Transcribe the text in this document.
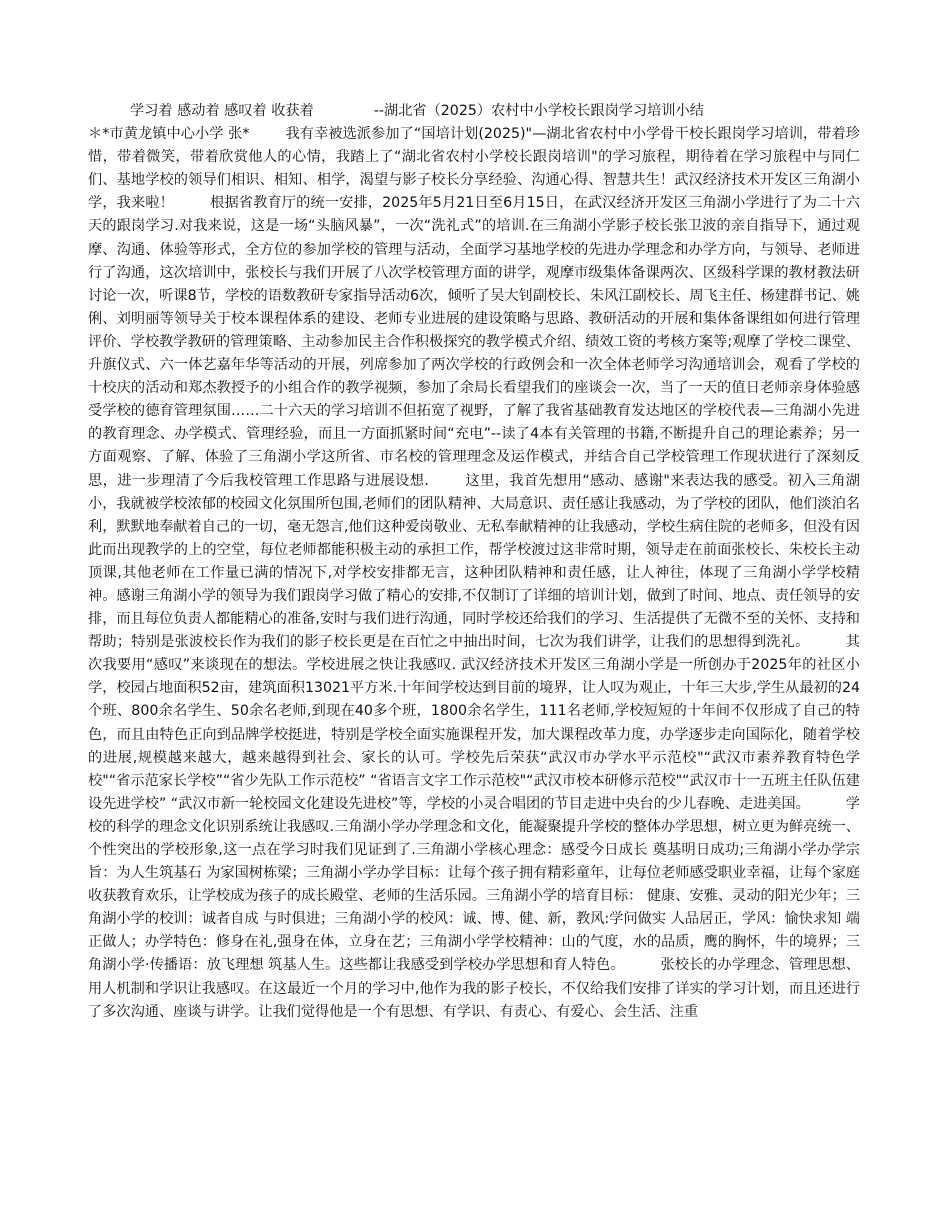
学习着 感动着 感叹着 收获着	--湖北省（2025）农村中小学校长跟岗学习培训小结
＊*市黄龙镇中心小学 张*	我有幸被选派参加了“国培计划(2025)"—湖北省农村中小学骨干校长跟岗学习培训，带着珍惜，带着微笑，带着欣赏他人的心情，我踏上了“湖北省农村小学校长跟岗培训"的学习旅程，期待着在学习旅程中与同仁们、基地学校的领导们相识、相知、相学，渴望与影子校长分享经验、沟通心得、智慧共生！武汉经济技术开发区三角湖小学，我来啦！	根据省教育厅的统一安排，2025年5月21日至6月15日，在武汉经济开发区三角湖小学进行了为二十六天的跟岗学习.对我来说，这是一场“头脑风暴”，一次“洗礼式”的培训.在三角湖小学影子校长张卫波的亲自指导下，通过观摩、沟通、体验等形式，全方位的参加学校的管理与活动，全面学习基地学校的先进办学理念和办学方向，与领导、老师进行了沟通，这次培训中，张校长与我们开展了八次学校管理方面的讲学，观摩市级集体备课两次、区级科学课的教材教法研讨论一次，听课8节，学校的语数教研专家指导活动6次，倾听了吴大钊副校长、朱风江副校长、周飞主任、杨建群书记、姚俐、刘明丽等领导关于校本课程体系的建设、老师专业进展的建设策略与思路、教研活动的开展和集体备课组如何进行管理评价、学校教学教研的管理策略、主动参加民主合作积极探究的教学模式介绍、绩效工资的考核方案等;观摩了学校二课堂、升旗仪式、六一体艺嘉年华等活动的开展，列席参加了两次学校的行政例会和一次全体老师学习沟通培训会，观看了学校的十校庆的活动和郑杰教授予的小组合作的教学视频，参加了余局长看望我们的座谈会一次，当了一天的值日老师亲身体验感受学校的德育管理氛围……二十六天的学习培训不但拓宽了视野，了解了我省基础教育发达地区的学校代表—三角湖小先进的教育理念、办学模式、管理经验，而且一方面抓紧时间“充电”--读了4本有关管理的书籍,不断提升自己的理论素养；另一方面观察、了解、体验了三角湖小学这所省、市名校的管理理念及运作模式，并结合自己学校管理工作现状进行了深刻反思，进一步理清了今后我校管理工作思路与进展设想.	这里，我首先想用“感动、感谢"来表达我的感受。初入三角湖小，我就被学校浓郁的校园文化氛围所包围,老师们的团队精神、大局意识、责任感让我感动，为了学校的团队，他们淡泊名利，默默地奉献着自己的一切，毫无怨言,他们这种爱岗敬业、无私奉献精神的让我感动，学校生病住院的老师多，但没有因此而出现教学的上的空堂，每位老师都能积极主动的承担工作，帮学校渡过这非常时期，领导走在前面张校长、朱校长主动顶课,其他老师在工作量已满的情况下,对学校安排都无言，这种团队精神和责任感，让人神往，体现了三角湖小学学校精神。感谢三角湖小学的领导为我们跟岗学习做了精心的安排,不仅制订了详细的培训计划，做到了时间、地点、责任领导的安排，而且每位负责人都能精心的准备,安时与我们进行沟通，同时学校还给我们的学习、生活提供了无微不至的关怀、支持和帮助；特别是张波校长作为我们的影子校长更是在百忙之中抽出时间，七次为我们讲学，让我们的思想得到洗礼。	其次我要用“感叹”来谈现在的想法。学校进展之快让我感叹. 武汉经济技术开发区三角湖小学是一所创办于2025年的社区小学，校园占地面积52亩，建筑面积13021平方米.十年间学校达到目前的境界，让人叹为观止，十年三大步,学生从最初的24个班、800余名学生、50余名老师,到现在40多个班，1800余名学生，111名老师,学校短短的十年间不仅形成了自己的特色，而且由特色正向到品牌学校挺进，特别是学校全面实施课程开发，加大课程改革力度，办学逐步走向国际化，随着学校的进展,规模越来越大，越来越得到社会、家长的认可。学校先后荣获“武汉市办学水平示范校"“武汉市素养教育特色学校"“省示范家长学校”“省少先队工作示范校” “省语言文字工作示范校"“武汉市校本研修示范校"“武汉市十一五班主任队伍建设先进学校” “武汉市新一轮校园文化建设先进校”等，学校的小灵合唱团的节目走进中央台的少儿春晚、走进美国。	学校的科学的理念文化识别系统让我感叹.三角湖小学办学理念和文化，能凝聚提升学校的整体办学思想，树立更为鲜亮统一、个性突出的学校形象,这一点在学习时我们见证到了.三角湖小学核心理念：感受今日成长 奠基明日成功;三角湖小学办学宗旨：为人生筑基石 为家国树栋梁；三角湖小学办学目标：让每个孩子拥有精彩童年，让每位老师感受职业幸福，让每个家庭收获教育欢乐，让学校成为孩子的成长殿堂、老师的生活乐园。三角湖小学的培育目标： 健康、安雅、灵动的阳光少年；三角湖小学的校训：诚者自成 与时俱进；三角湖小学的校风：诚、博、健、新，教风:学问做实 人品居正，学风：愉快求知 端正做人；办学特色：修身在礼,强身在体，立身在艺；三角湖小学学校精神：山的气度，水的品质，鹰的胸怀，牛的境界；三角湖小学·传播语：放飞理想 筑基人生。这些都让我感受到学校办学思想和育人特色。	张校长的办学理念、管理思想、用人机制和学识让我感叹。在这最近一个月的学习中,他作为我的影子校长，不仅给我们安排了详实的学习计划，而且还进行了多次沟通、座谈与讲学。让我们觉得他是一个有思想、有学识、有责心、有爱心、会生活、注重
